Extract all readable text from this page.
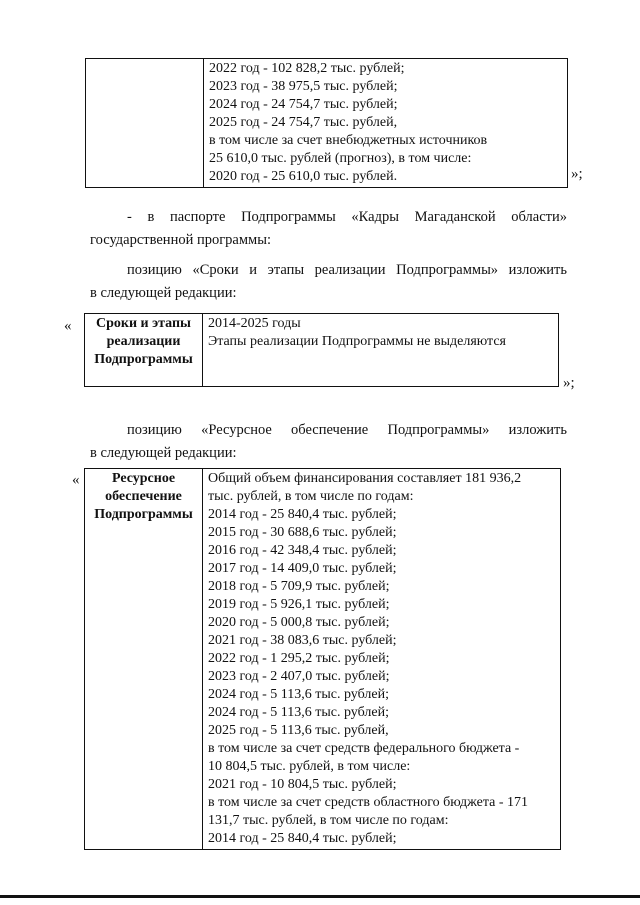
2022 год - 102 828,2 тыс. рублей;
2023 год - 38 975,5 тыс. рублей;
2024 год - 24 754,7 тыс. рублей;
2025 год - 24 754,7 тыс. рублей,
в том числе за счет внебюджетных источников
25 610,0 тыс. рублей (прогноз), в том числе:
2020 год - 25 610,0 тыс. рублей.	»;

- в паспорте Подпрограммы «Кадры Магаданской области»

государственной программы:

позицию «Сроки и этапы реализации Подпрограммы» изложить

в следующей редакции:

«	Сроки и этапы
реализации
Подпрограммы

2014-2025 годы
Этапы реализации Подпрограммы не выделяются
»;

позицию «Ресурсное обеспечение Подпрограммы» изложить

в следующей редакции:

«	Ресурсное
обеспечение
Подпрограммы

Общий объем финансирования составляет 181 936,2
тыс. рублей, в том числе по годам:
2014 год - 25 840,4 тыс. рублей;
2015 год - 30 688,6 тыс. рублей;
2016 год - 42 348,4 тыс. рублей;
2017 год - 14 409,0 тыс. рублей;
2018 год - 5 709,9 тыс. рублей;
2019 год - 5 926,1 тыс. рублей;
2020 год - 5 000,8 тыс. рублей;
2021 год - 38 083,6 тыс. рублей;
2022 год - 1 295,2 тыс. рублей;
2023 год - 2 407,0 тыс. рублей;
2024 год - 5 113,6 тыс. рублей;
2024 год - 5 113,6 тыс. рублей;
2025 год - 5 113,6 тыс. рублей,
в том числе за счет средств федерального бюджета -
10 804,5 тыс. рублей, в том числе:
2021 год - 10 804,5 тыс. рублей;
в том числе за счет средств областного бюджета - 171
131,7 тыс. рублей, в том числе по годам:
2014 год - 25 840,4 тыс. рублей;
